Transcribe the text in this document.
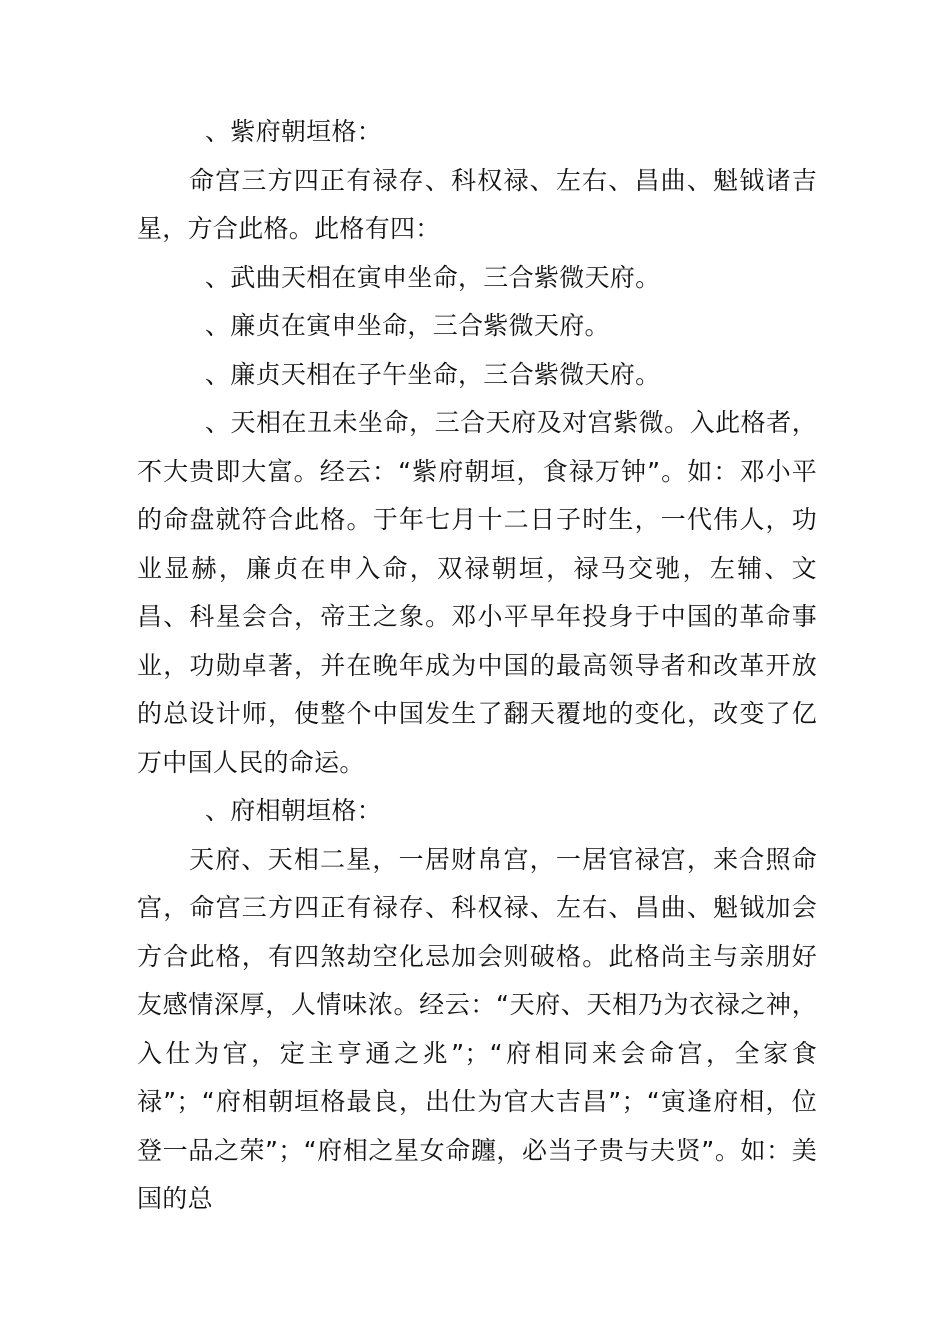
、紫府朝垣格：

命宫三方四正有禄存、科权禄、左右、昌曲、魁钺诸吉星，方合此格。此格有四：

、武曲天相在寅申坐命，三合紫微天府。

、廉贞在寅申坐命，三合紫微天府。

、廉贞天相在子午坐命，三合紫微天府。

、天相在丑未坐命，三合天府及对宫紫微。入此格者，不大贵即大富。经云：“紫府朝垣，食禄万钟”。如：邓小平的命盘就符合此格。于年七月十二日子时生，一代伟人，功业显赫，廉贞在申入命，双禄朝垣，禄马交驰，左辅、文昌、科星会合，帝王之象。邓小平早年投身于中国的革命事业，功勋卓著，并在晚年成为中国的最高领导者和改革开放的总设计师，使整个中国发生了翻天覆地的变化，改变了亿万中国人民的命运。

、府相朝垣格：

天府、天相二星，一居财帛宫，一居官禄宫，来合照命宫，命宫三方四正有禄存、科权禄、左右、昌曲、魁钺加会方合此格，有四煞劫空化忌加会则破格。此格尚主与亲朋好友感情深厚，人情味浓。经云：“天府、天相乃为衣禄之神，入仕为官，定主亨通之兆”；“府相同来会命宫，全家食禄”；“府相朝垣格最良，出仕为官大吉昌”；“寅逢府相，位登一品之荣”；“府相之星女命躔，必当子贵与夫贤”。如：美国的总
